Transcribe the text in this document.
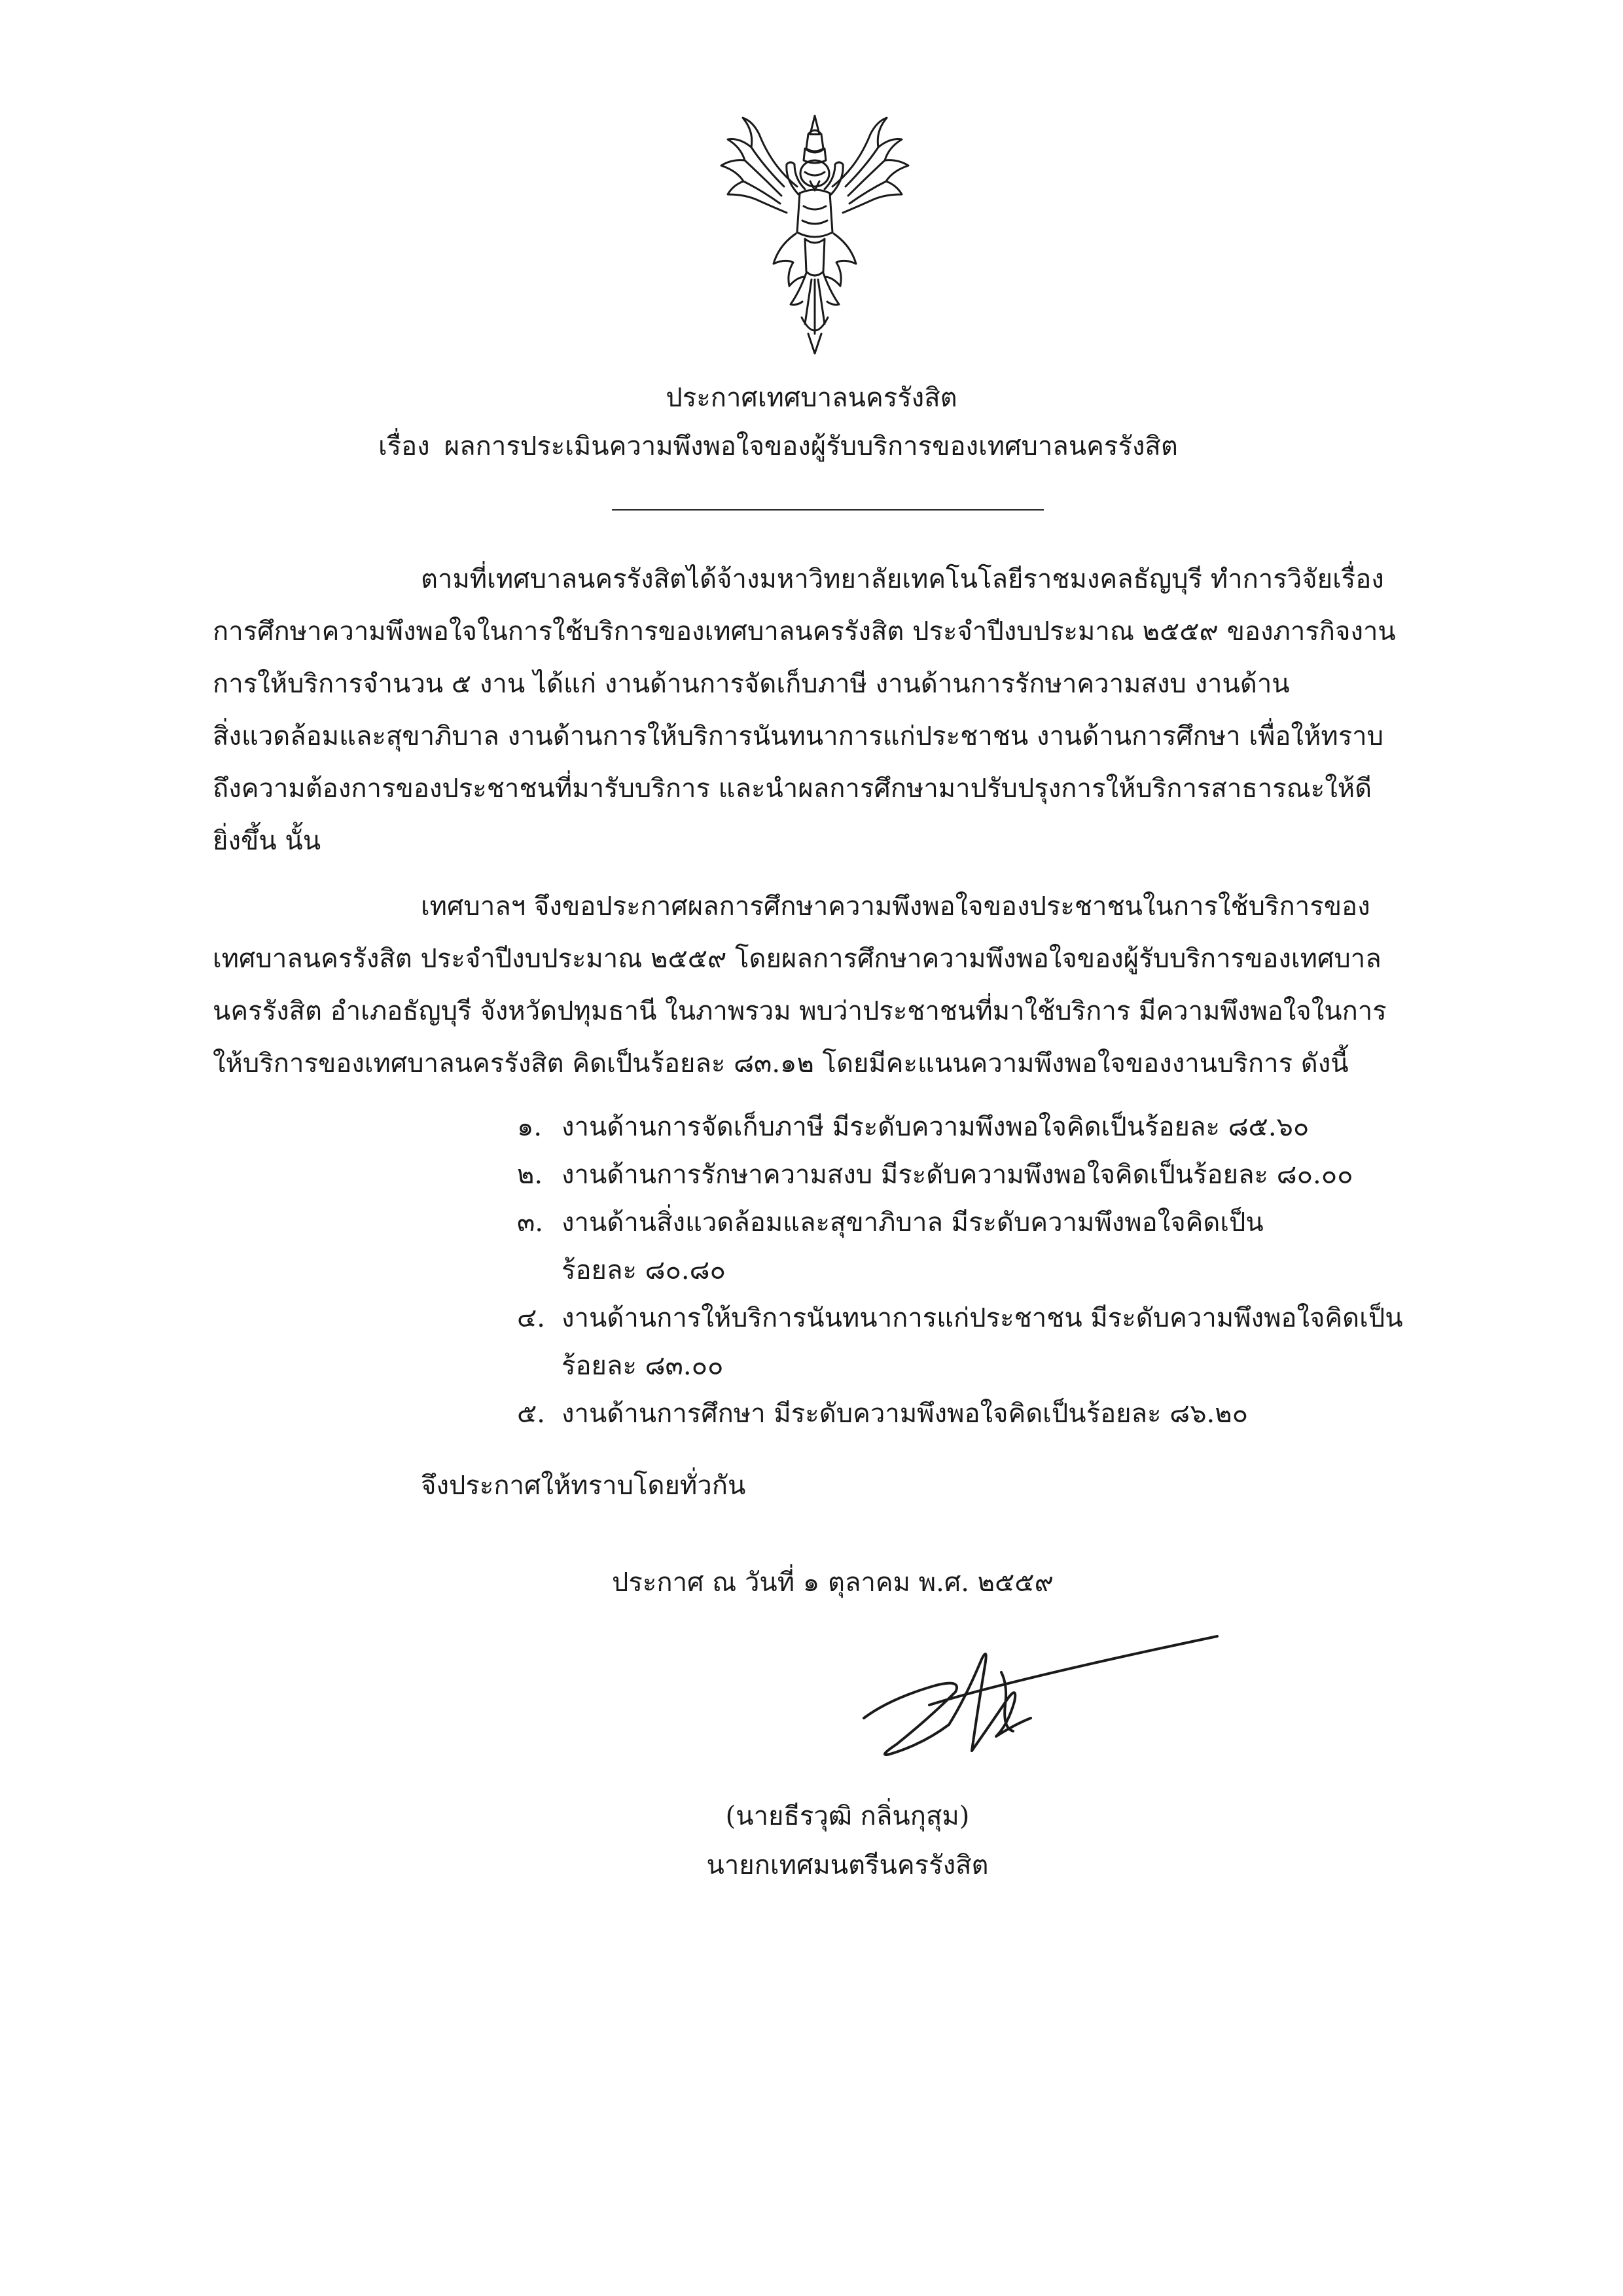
ประกาศเทศบาลนครรังสิต
เรื่อง ผลการประเมินความพึงพอใจของผู้รับบริการของเทศบาลนครรังสิต
ตามที่เทศบาลนครรังสิตได้จ้างมหาวิทยาลัยเทคโนโลยีราชมงคลธัญบุรี ทำการวิจัยเรื่อง
การศึกษาความพึงพอใจในการใช้บริการของเทศบาลนครรังสิต ประจำปีงบประมาณ ๒๕๕๙ ของภารกิจงาน
การให้บริการจำนวน ๕ งาน ได้แก่ งานด้านการจัดเก็บภาษี งานด้านการรักษาความสงบ งานด้าน
สิ่งแวดล้อมและสุขาภิบาล งานด้านการให้บริการนันทนาการแก่ประชาชน งานด้านการศึกษา เพื่อให้ทราบ
ถึงความต้องการของประชาชนที่มารับบริการ และนำผลการศึกษามาปรับปรุงการให้บริการสาธารณะให้ดี
ยิ่งขึ้น นั้น
เทศบาลฯ จึงขอประกาศผลการศึกษาความพึงพอใจของประชาชนในการใช้บริการของ
เทศบาลนครรังสิต ประจำปีงบประมาณ ๒๕๕๙ โดยผลการศึกษาความพึงพอใจของผู้รับบริการของเทศบาล
นครรังสิต อำเภอธัญบุรี จังหวัดปทุมธานี ในภาพรวม พบว่าประชาชนที่มาใช้บริการ มีความพึงพอใจในการ
ให้บริการของเทศบาลนครรังสิต คิดเป็นร้อยละ ๘๓.๑๒ โดยมีคะแนนความพึงพอใจของงานบริการ ดังนี้
๑. งานด้านการจัดเก็บภาษี มีระดับความพึงพอใจคิดเป็นร้อยละ ๘๕.๖๐
๒. งานด้านการรักษาความสงบ มีระดับความพึงพอใจคิดเป็นร้อยละ ๘๐.๐๐
๓. งานด้านสิ่งแวดล้อมและสุขาภิบาล มีระดับความพึงพอใจคิดเป็น
ร้อยละ ๘๐.๘๐
๔. งานด้านการให้บริการนันทนาการแก่ประชาชน มีระดับความพึงพอใจคิดเป็น
ร้อยละ ๘๓.๐๐
๕. งานด้านการศึกษา มีระดับความพึงพอใจคิดเป็นร้อยละ ๘๖.๒๐
จึงประกาศให้ทราบโดยทั่วกัน
ประกาศ ณ วันที่ ๑ ตุลาคม พ.ศ. ๒๕๕๙
(นายธีรวุฒิ กลิ่นกุสุม)
นายกเทศมนตรีนครรังสิต
